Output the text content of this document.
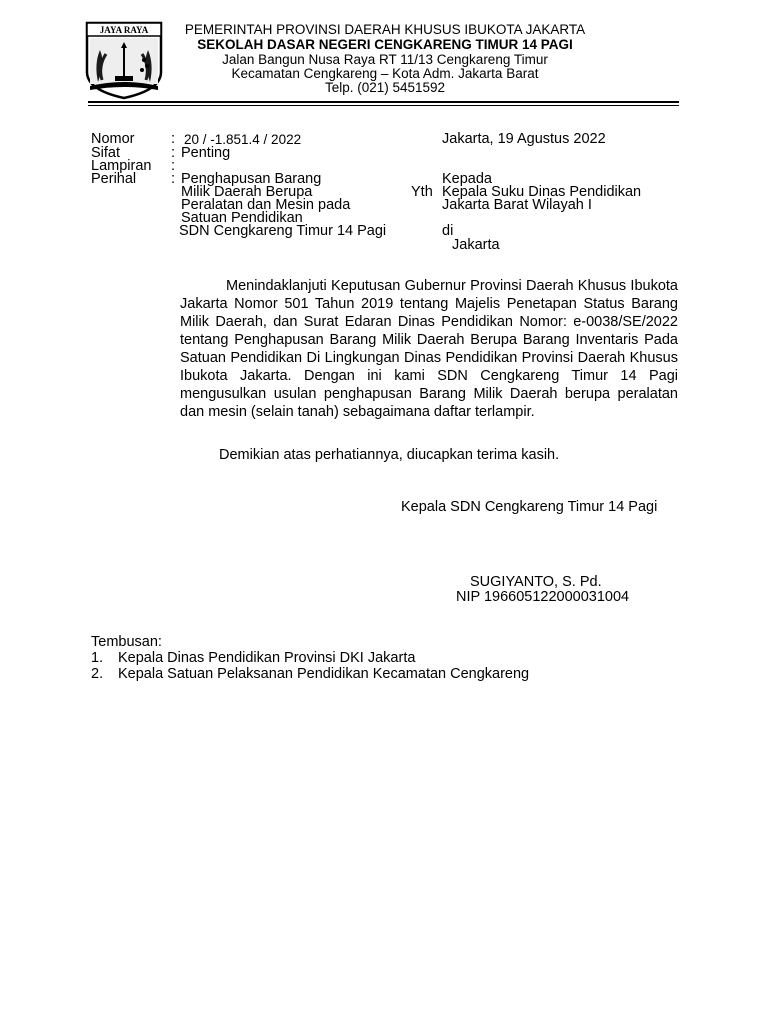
JAYA RAYA	PEMERINTAH PROVINSI DAERAH KHUSUS IBUKOTA JAKARTA
SEKOLAH DASAR NEGERI CENGKARENG TIMUR 14 PAGI
Jalan Bangun Nusa Raya RT 11/13 Cengkareng Timur
Kecamatan Cengkareng – Kota Adm. Jakarta Barat
Telp. (021) 5451592
Nomor	: 20 / -1.851.4 / 2022
Sifat	: Penting
Lampiran :
Perihal : Penghapusan Barang
Milik Daerah Berupa
Peralatan dan Mesin pada
Satuan Pendidikan
SDN Cengkareng Timur 14 Pagi
Jakarta, 19 Agustus 2022
Kepada
Yth Kepala Suku Dinas Pendidikan
Jakarta Barat Wilayah I
di
Jakarta
Menindaklanjuti Keputusan Gubernur Provinsi Daerah Khusus Ibukota Jakarta Nomor 501 Tahun 2019 tentang Majelis Penetapan Status Barang Milik Daerah, dan Surat Edaran Dinas Pendidikan Nomor: e-0038/SE/2022 tentang Penghapusan Barang Milik Daerah Berupa Barang Inventaris Pada Satuan Pendidikan Di Lingkungan Dinas Pendidikan Provinsi Daerah Khusus Ibukota Jakarta. Dengan ini kami SDN Cengkareng Timur 14 Pagi mengusulkan usulan penghapusan Barang Milik Daerah berupa peralatan dan mesin (selain tanah) sebagaimana daftar terlampir.
Demikian atas perhatiannya, diucapkan terima kasih.
Kepala SDN Cengkareng Timur 14 Pagi
SUGIYANTO, S. Pd.
NIP 196605122000031004
Tembusan:
1. Kepala Dinas Pendidikan Provinsi DKI Jakarta
2. Kepala Satuan Pelaksanan Pendidikan Kecamatan Cengkareng
